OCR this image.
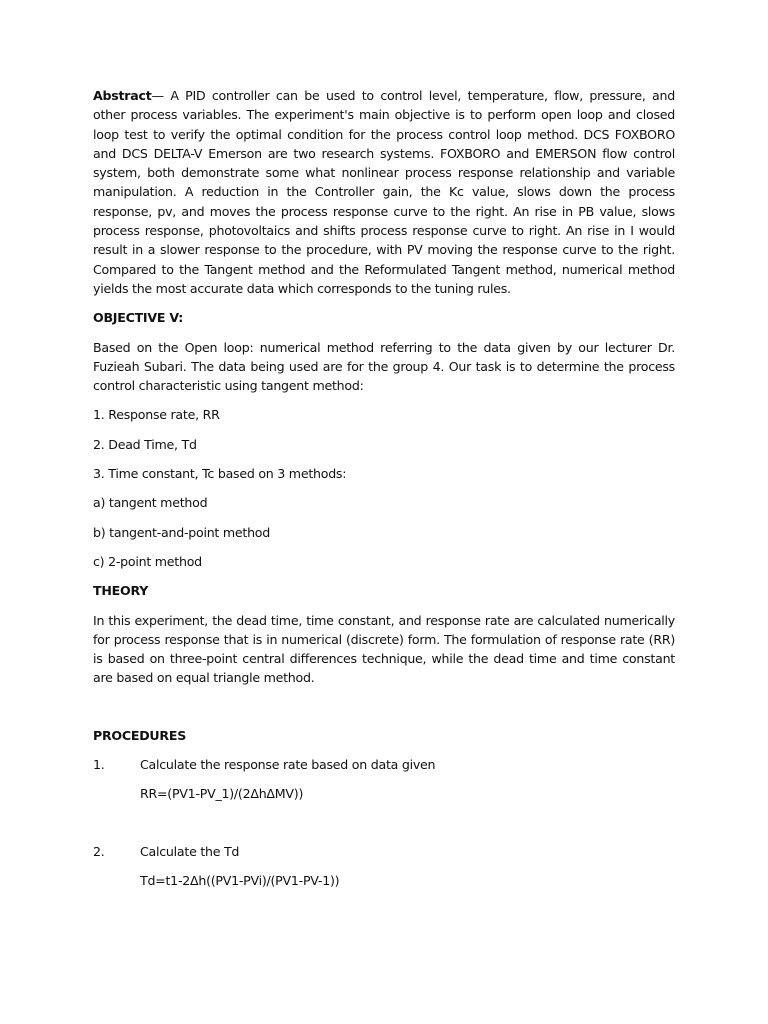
Abstract— A PID controller can be used to control level, temperature, flow, pressure, and other process variables. The experiment's main objective is to perform open loop and closed loop test to verify the optimal condition for the process control loop method. DCS FOXBORO and DCS DELTA-V Emerson are two research systems. FOXBORO and EMERSON flow control system, both demonstrate some what nonlinear process response relationship and variable manipulation. A reduction in the Controller gain, the Kc value, slows down the process response, pv, and moves the process response curve to the right. An rise in PB value, slows process response, photovoltaics and shifts process response curve to right. An rise in I would result in a slower response to the procedure, with PV moving the response curve to the right. Compared to the Tangent method and the Reformulated Tangent method, numerical method yields the most accurate data which corresponds to the tuning rules.

OBJECTIVE V:

Based on the Open loop: numerical method referring to the data given by our lecturer Dr. Fuzieah Subari. The data being used are for the group 4. Our task is to determine the process control characteristic using tangent method:

1. Response rate, RR

2. Dead Time, Td

3. Time constant, Tc based on 3 methods:

a) tangent method

b) tangent-and-point method

c) 2-point method

THEORY

In this experiment, the dead time, time constant, and response rate are calculated numerically for process response that is in numerical (discrete) form. The formulation of response rate (RR) is based on three-point central differences technique, while the dead time and time constant are based on equal triangle method.

PROCEDURES

1.	Calculate the response rate based on data given

RR=(PV1-PV_1)/(2ΔhΔMV))

2.	Calculate the Td

Td=t1-2Δh((PV1-PVi)/(PV1-PV-1))
